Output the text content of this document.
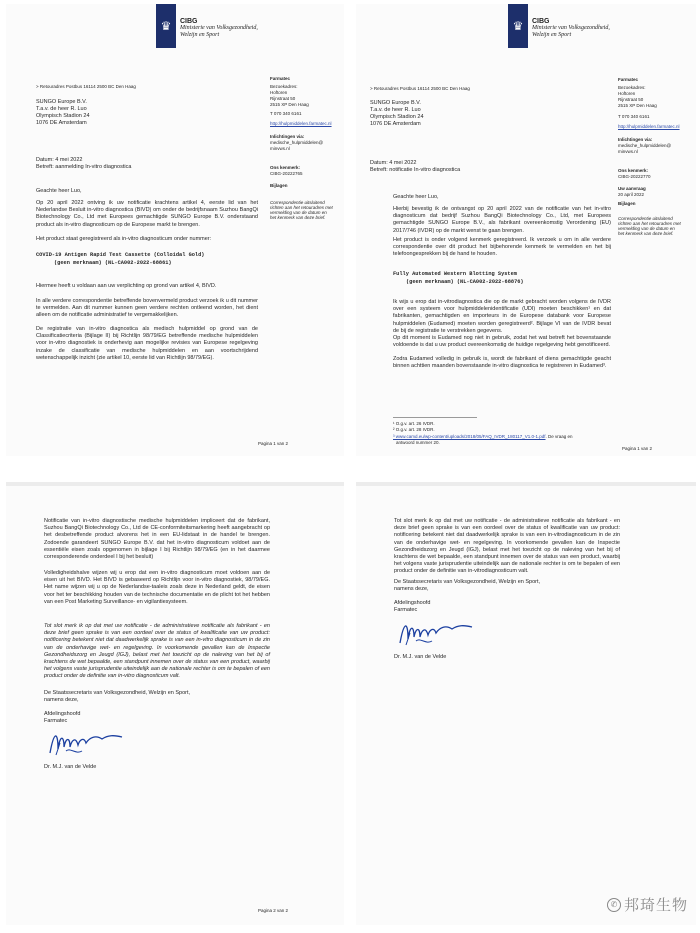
♛ CIBG
Ministerie van Volksgezondheid,
Welzijn en Sport
> Retouradres Postbus 16114 2500 BC Den Haag
SUNGO Europe B.V.
T.a.v. de heer R. Luo
Olympisch Stadion 24
1076 DE Amsterdam
Farmatec
Bezoekadres:
Hoftoren
Rijnstraat 50
2515 XP Den Haag
T 070 340 6161
http://hulpmiddelen.farmatec.nl
Inlichtingen via:
medische_hulpmiddelen@
minvws.nl
Ons kenmerk:
CIBG-20222765
Bijlagen
Correspondentie uitsluitend
richten aan het retouradres met
vermelding van de datum en
het kenmerk van deze brief.
Datum: 4 mei 2022
Betreft: aanmelding In-vitro diagnostica
Geachte heer Luo,
Op 20 april 2022 ontving ik uw notificatie krachtens artikel 4, eerste lid van het Nederlandse Besluit in-vitro diagnostica (BIVD) om onder de bedrijfsnaam Suzhou BangQi Biotechnology Co., Ltd met Europees gemachtigde SUNGO Europe B.V. onderstaand product als in-vitro diagnosticum op de Europese markt te brengen.
Het product staat geregistreerd als in-vitro diagnosticum onder nummer:
COVID-19 Antigen Rapid Test Cassette (Colloidal Gold)
(geen merknaam) (NL-CA002-2022-68861)
Hiermee heeft u voldaan aan uw verplichting op grond van artikel 4, BIVD.
In alle verdere correspondentie betreffende bovenvermeld product verzoek ik u dit nummer te vermelden. Aan dit nummer kunnen geen verdere rechten ontleend worden, het dient alleen om de notificatie administratief te vergemakkelijken.
De registratie van in-vitro diagnostica als medisch hulpmiddel op grond van de Classificatiecriteria (Bijlage II) bij Richtlijn 98/79/EG betreffende medische hulpmiddelen voor in-vitro diagnostiek is onderhevig aan mogelijke revisies van Europese regelgeving inzake de classificatie van medische hulpmiddelen en aan voortschrijdend wetenschappelijk inzicht (zie artikel 10, eerste lid van Richtlijn 98/79/EG).
Pagina 1 van 2
♛ CIBG
Ministerie van Volksgezondheid,
Welzijn en Sport
> Retouradres Postbus 16114 2500 BC Den Haag
SUNGO Europe B.V.
T.a.v. de heer R. Luo
Olympisch Stadion 24
1076 DE Amsterdam
Farmatec
Bezoekadres:
Hoftoren
Rijnstraat 50
2515 XP Den Haag
T 070 340 6161
http://hulpmiddelen.farmatec.nl
Inlichtingen via:
medische_hulpmiddelen@
minvws.nl
Ons kenmerk:
CIBG-20222770
Uw aanvraag
20 april 2022
Bijlagen
Correspondentie uitsluitend
richten aan het retouradres met
vermelding van de datum en
het kenmerk van deze brief.
Datum: 4 mei 2022
Betreft: notificatie In-vitro diagnostica
Geachte heer Luo,
Hierbij bevestig ik de ontvangst op 20 april 2022 van de notificatie van het in-vitro diagnosticum dat bedrijf Suzhou BangQi Biotechnology Co., Ltd, met Europees gemachtigde SUNGO Europe B.V., als fabrikant overeenkomstig Verordening (EU) 2017/746 (IVDR) op de markt wenst te gaan brengen.
Het product is onder volgend kenmerk geregistreerd. Ik verzoek u om in alle verdere correspondentie over dit product het bijbehorende kenmerk te vermelden en het bij telefoongesprekken bij de hand te houden.
Fully Automated Western Blotting System
(geen merknaam) (NL-CA002-2022-68876)
Ik wijs u erop dat in-vitrodiagnostica die op de markt gebracht worden volgens de IVDR over een systeem voor hulpmiddelenidentificatie (UDI) moeten beschikken¹ en dat fabrikanten, gemachtigden en importeurs in de Europese databank voor Europese hulpmiddelen (Eudamed) moeten worden geregistreerd². Bijlage VI van de IVDR bevat de bij de registratie te verstrekken gegevens.
Op dit moment is Eudamed nog niet in gebruik, zodat het wat betreft het bovenstaande voldoende is dat u uw product overeenkomstig de huidige regelgeving hebt genotificeerd.
Zodra Eudamed volledig in gebruik is, wordt de fabrikant of diens gemachtigde geacht binnen achttien maanden bovenstaande in-vitro diagnostica te registreren in Eudamed³.
¹ O.g.v. art. 26 IVDR.
² O.g.v. art. 28 IVDR.
³ www.camd.eu/wp-content/uploads/2018/05/FAQ_IVDR_180117_V1.0-1.pdf. De vraag en
antwoord nummer 20.
Pagina 1 van 2
Notificatie van in-vitro diagnostische medische hulpmiddelen impliceert dat de fabrikant, Suzhou BangQi Biotechnology Co., Ltd de CE-conformiteitsmarkering heeft aangebracht op het desbetreffende product alvorens het in een EU-lidstaat in de handel te brengen. Zodoende garandeert SUNGO Europe B.V. dat het in-vitro diagnosticum voldoet aan de essentiële eisen zoals opgenomen in bijlage I bij Richtlijn 98/79/EG (en in het daarmee corresponderende onderdeel I bij het besluit)
Volledigheidshalve wijzen wij u erop dat een in-vitro diagnosticum moet voldoen aan de eisen uit het BIVD. Het BIVD is gebaseerd op Richtlijn voor in-vitro diagnostiek, 98/79/EG. Het name wijzen wij u op de Nederlandse-taaleis zoals deze in Nederland geldt, de eisen voor het ter beschikking houden van de technische documentatie en de plicht tot het hebben van een Post Marketing Surveillance- en vigilantiesysteem.
Tot slot merk ik op dat met uw notificatie - de administratieve notificatie als fabrikant - en deze brief geen sprake is van een oordeel over de status of kwalificatie van uw product: notificering betekent niet dat daadwerkelijk sprake is van een in-vitro diagnosticum in de zin van de onderhavige wet- en regelgeving. In voorkomende gevallen kan de Inspectie Gezondheidszorg en Jeugd (IGJ), belast met het toezicht op de naleving van het bij of krachtens de wet bepaalde, een standpunt innemen over de status van een product, waarbij het volgens vaste jurisprudentie uiteindelijk aan de nationale rechter is om te bepalen of een product onder de definitie van in-vitro diagnosticum valt.
De Staatssecretaris van Volksgezondheid, Welzijn en Sport,
namens deze,
Afdelingshoofd
Farmatec
Dr. M.J. van de Velde
Pagina 2 van 2
Tot slot merk ik op dat met uw notificatie - de administratieve notificatie als fabrikant - en deze brief geen sprake is van een oordeel over de status of kwalificatie van uw product: notificering betekent niet dat daadwerkelijk sprake is van een in-vitrodiagnosticum in de zin van de onderhavige wet- en regelgeving. In voorkomende gevallen kan de Inspectie Gezondheidszorg en Jeugd (IGJ), belast met het toezicht op de naleving van het bij of krachtens de wet bepaalde, een standpunt innemen over de status van een product, waarbij het volgens vaste jurisprudentie uiteindelijk aan de nationale rechter is om te bepalen of een product onder de definitie van in-vitrodiagnosticum valt.
De Staatssecretaris van Volksgezondheid, Welzijn en Sport,
namens deze,
Afdelingshoofd
Farmatec
Dr. M.J. van de Velde
✆ 邦琦生物
